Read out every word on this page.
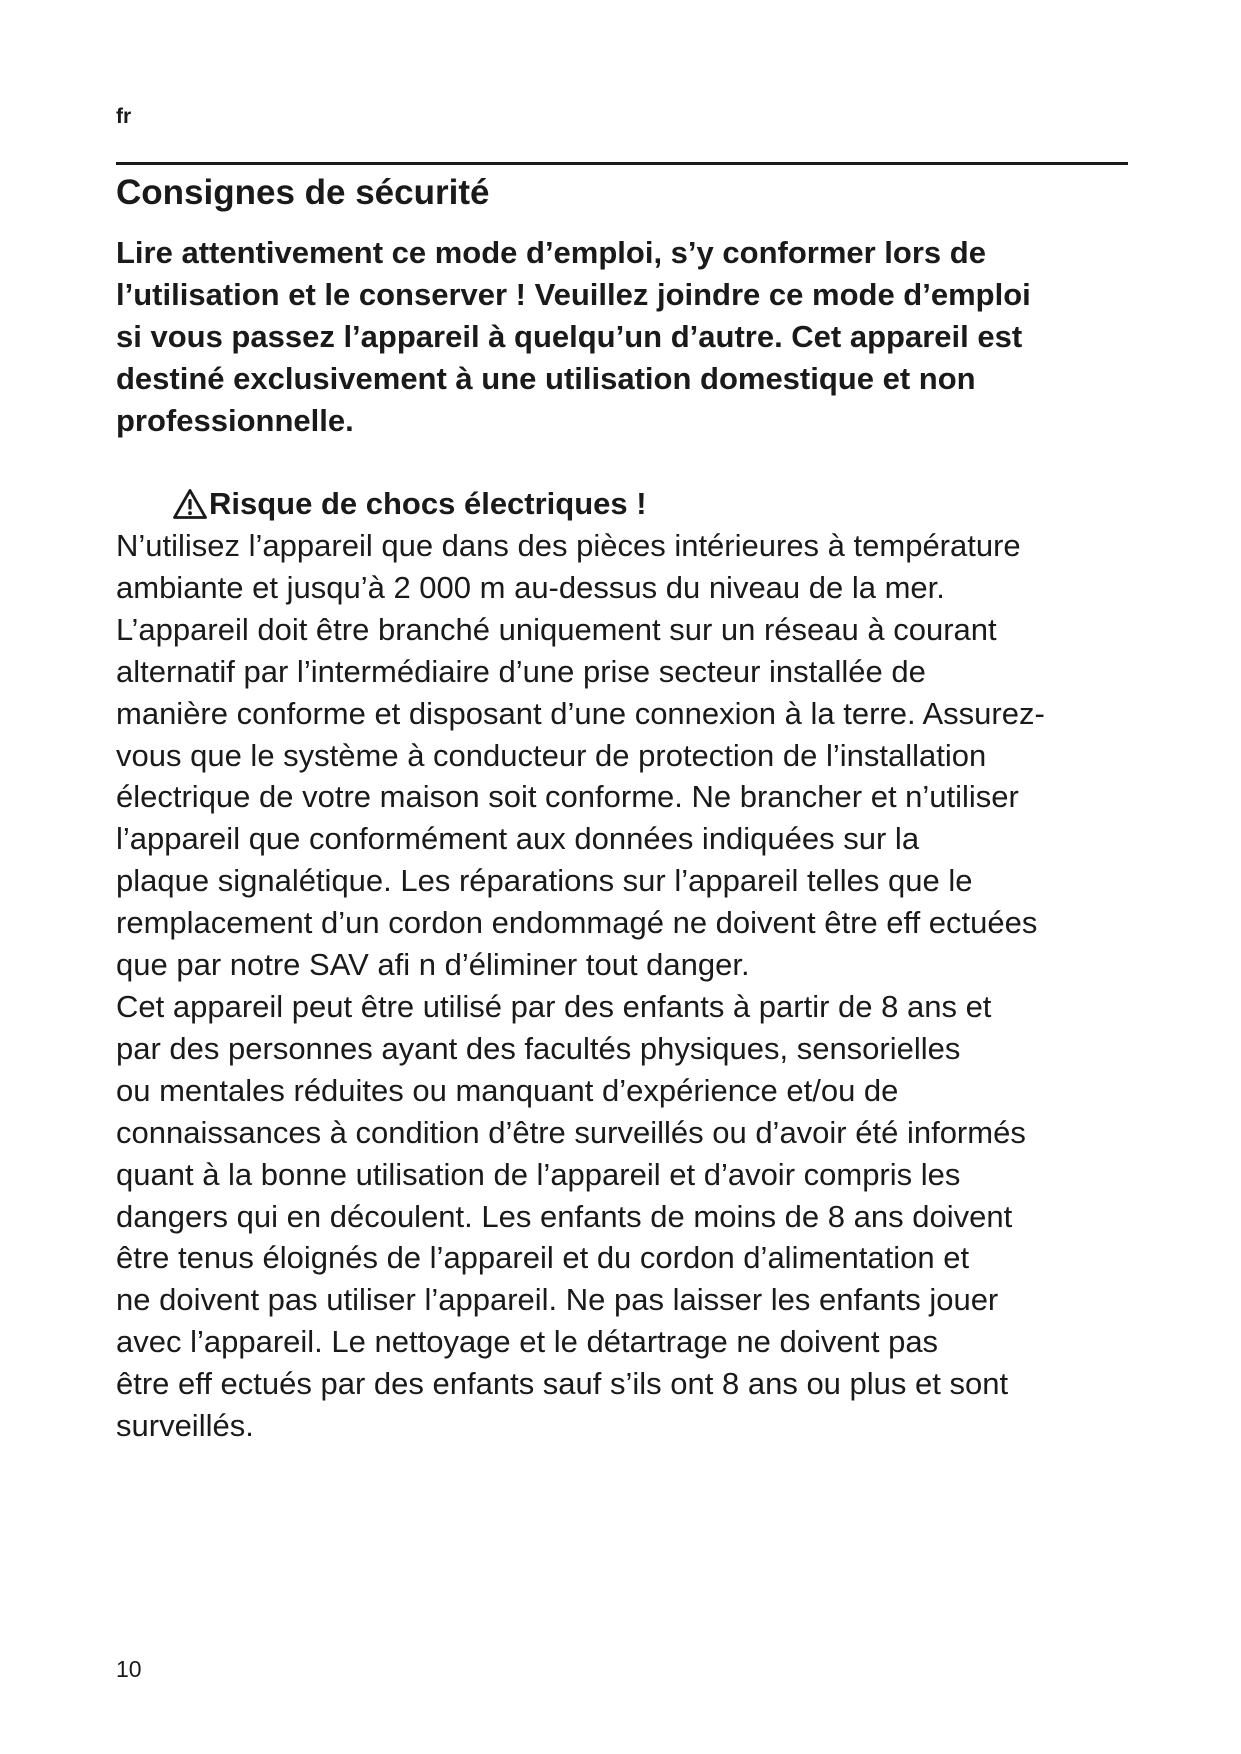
fr
Consignes de sécurité

Lire attentivement ce mode d’emploi, s’y conformer lors de
l’utilisation et le conserver ! Veuillez joindre ce mode d’emploi
si vous passez l’appareil à quelqu’un d’autre. Cet appareil est
destiné exclusivement à une utilisation domestique et non
professionnelle.

Risque de chocs électriques !

N’utilisez l’appareil que dans des pièces intérieures à température
ambiante et jusqu’à 2 000 m au-dessus du niveau de la mer.
L’appareil doit être branché uniquement sur un réseau à courant
alternatif par l’intermédiaire d’une prise secteur installée de
manière conforme et disposant d’une connexion à la terre. Assurez-
vous que le système à conducteur de protection de l’installation
électrique de votre maison soit conforme. Ne brancher et n’utiliser
l’appareil que conformément aux données indiquées sur la
plaque signalétique. Les réparations sur l’appareil telles que le
remplacement d’un cordon endommagé ne doivent être eff ectuées
que par notre SAV afi n d’éliminer tout danger.
Cet appareil peut être utilisé par des enfants à partir de 8 ans et
par des personnes ayant des facultés physiques, sensorielles
ou mentales réduites ou manquant d’expérience et/ou de
connaissances à condition d’être surveillés ou d’avoir été informés
quant à la bonne utilisation de l’appareil et d’avoir compris les
dangers qui en découlent. Les enfants de moins de 8 ans doivent
être tenus éloignés de l’appareil et du cordon d’alimentation et
ne doivent pas utiliser l’appareil. Ne pas laisser les enfants jouer
avec l’appareil. Le nettoyage et le détartrage ne doivent pas
être eff ectués par des enfants sauf s’ils ont 8 ans ou plus et sont
surveillés.

10
